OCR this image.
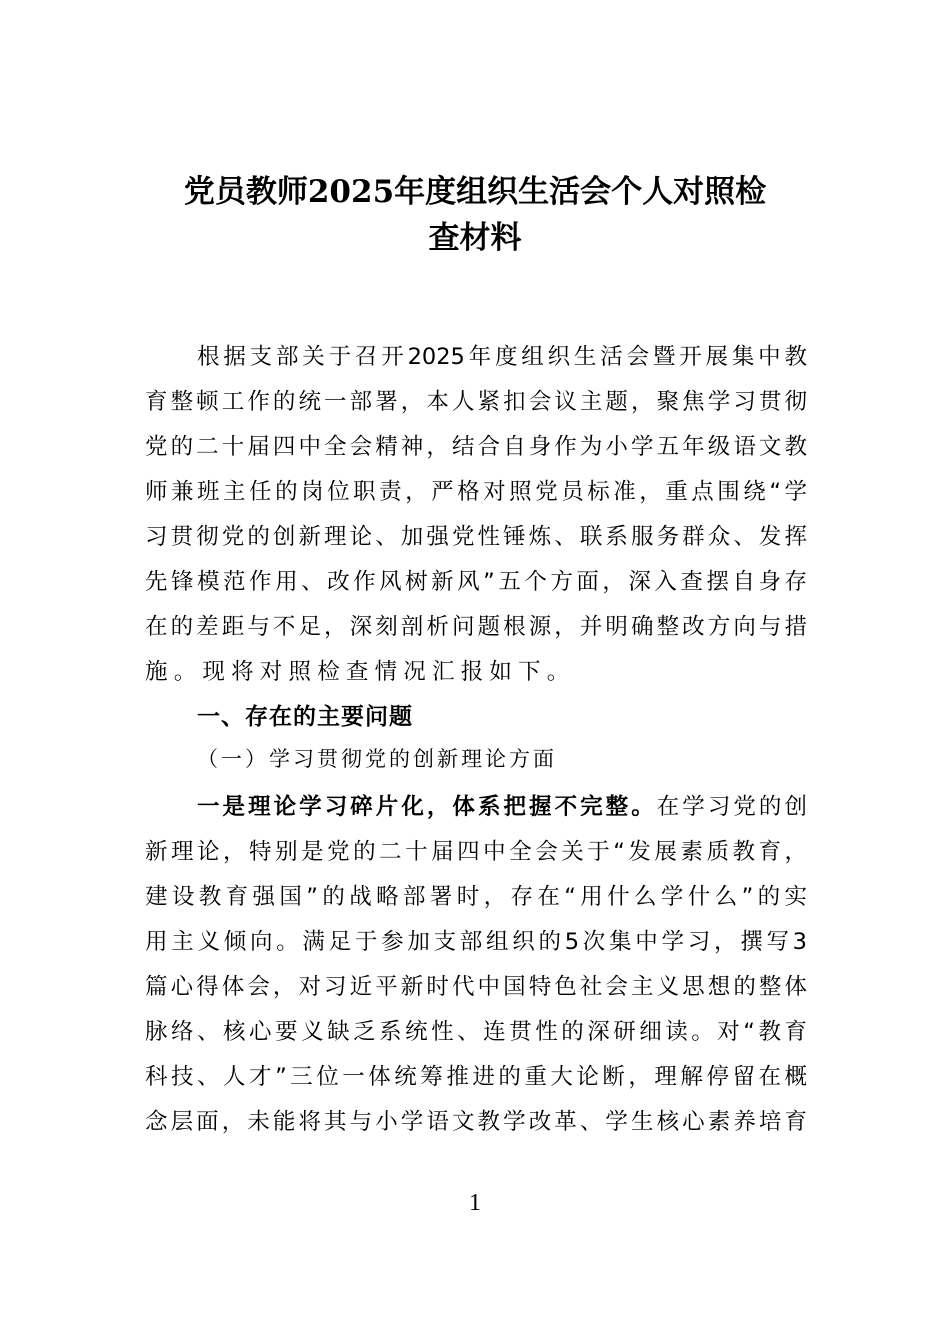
党员教师2025年度组织生活会个人对照检
查材料
根​据​支​部​关​于​召​开​2​0​2​5​年​度​组​织​生​活​会​暨​开​展​集​中​教
育​整​顿​工​作​的​统​一​部​署​，​本​人​紧​扣​会​议​主​题​，​聚​焦​学​习​贯​彻
党​的​二​十​届​四​中​全​会​精​神​，​结​合​自​身​作​为​小​学​五​年​级​语​文​教
师​兼​班​主​任​的​岗​位​职​责​，​严​格​对​照​党​员​标​准​，​重​点​围​绕​“​学
习​贯​彻​党​的​创​新​理​论​、​加​强​党​性​锤​炼​、​联​系​服​务​群​众​、​发​挥
先​锋​模​范​作​用​、​改​作​风​树​新​风​”​五​个​方​面​，​深​入​查​摆​自​身​存
在​的​差​距​与​不​足​，​深​刻​剖​析​问​题​根​源​，​并​明​确​整​改​方​向​与​措
施。现将对照检查情况汇报如下。
一、存在的主要问题
（一）学习贯彻党的创新理论方面
一​是​理​论​学​习​碎​片​化​，​体​系​把​握​不​完​整​。在​学​习​党​的​创
新​理​论​，​特​别​是​党​的​二​十​届​四​中​全​会​关​于​“​发​展​素​质​教​育​，
建​设​教​育​强​国​”​的​战​略​部​署​时​，​存​在​“​用​什​么​学​什​么​”​的​实
用​主​义​倾​向​。​满​足​于​参​加​支​部​组​织​的​5​次​集​中​学​习​，​撰​写​3
篇​心​得​体​会​，​对​习​近​平​新​时​代​中​国​特​色​社​会​主​义​思​想​的​整​体
脉​络​、​核​心​要​义​缺​乏​系​统​性​、​连​贯​性​的​深​研​细​读​。​对​“​教​育
科​技​、​人​才​”​三​位​一​体​统​筹​推​进​的​重​大​论​断​，​理​解​停​留​在​概
念​层​面​，​未​能​将​其​与​小​学​语​文​教​学​改​革​、​学​生​核​心​素​养​培​育
1
